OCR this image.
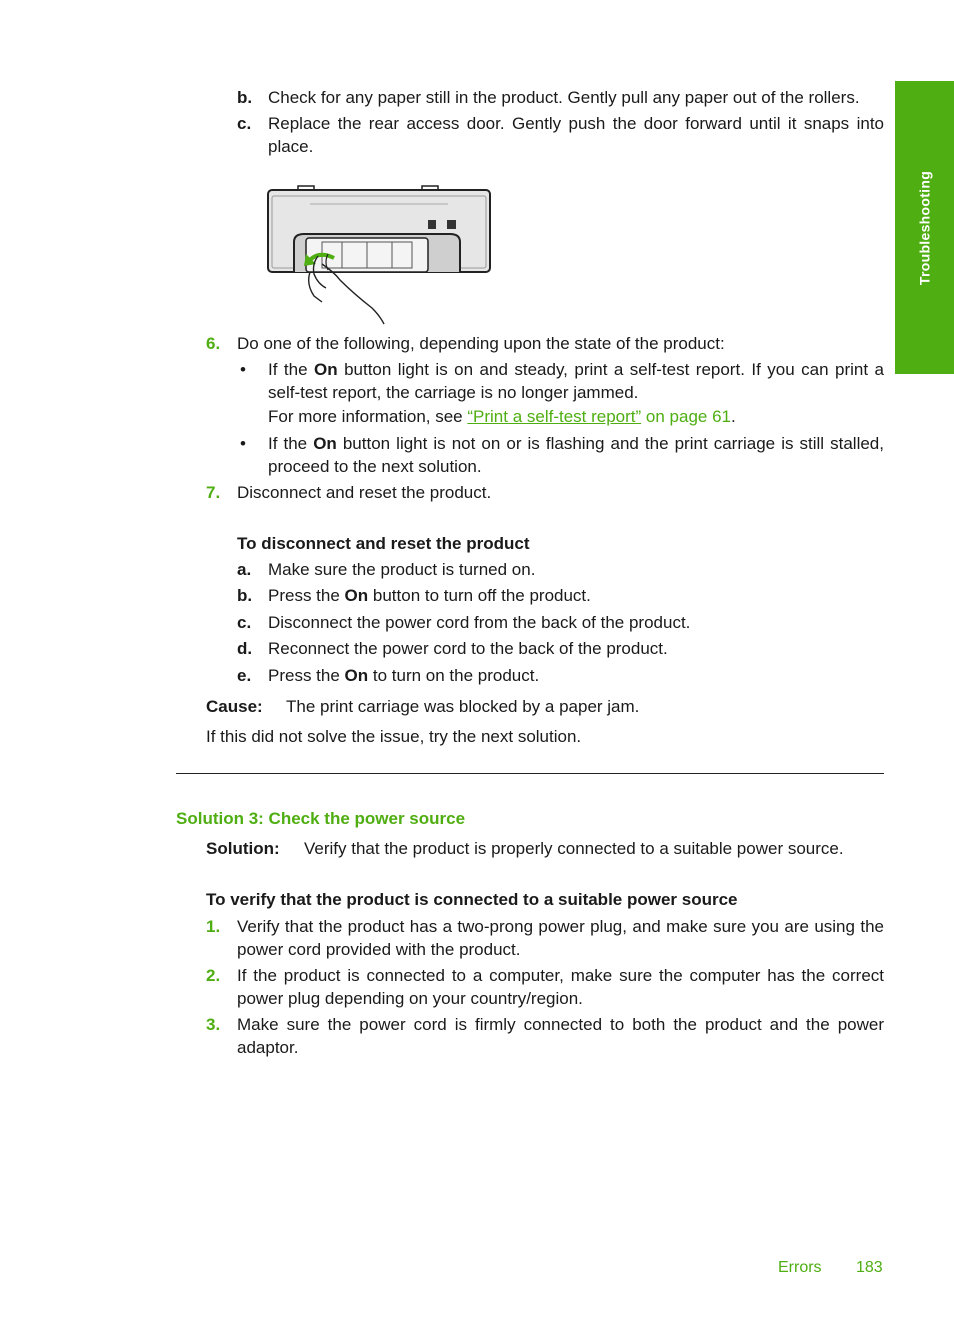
Troubleshooting
b. Check for any paper still in the product. Gently pull any paper out of the rollers.
c. Replace the rear access door. Gently push the door forward until it snaps into place.
6. Do one of the following, depending upon the state of the product:
• If the On button light is on and steady, print a self-test report. If you can print a self-test report, the carriage is no longer jammed.
For more information, see “Print a self-test report” on page 61.
• If the On button light is not on or is flashing and the print carriage is still stalled, proceed to the next solution.
7. Disconnect and reset the product.
To disconnect and reset the product
a. Make sure the product is turned on.
b. Press the On button to turn off the product.
c. Disconnect the power cord from the back of the product.
d. Reconnect the power cord to the back of the product.
e. Press the On to turn on the product.
Cause: The print carriage was blocked by a paper jam.
If this did not solve the issue, try the next solution.
Solution 3: Check the power source
Solution: Verify that the product is properly connected to a suitable power source.
To verify that the product is connected to a suitable power source
1. Verify that the product has a two-prong power plug, and make sure you are using the power cord provided with the product.
2. If the product is connected to a computer, make sure the computer has the correct power plug depending on your country/region.
3. Make sure the power cord is firmly connected to both the product and the power adaptor.
Errors 183
